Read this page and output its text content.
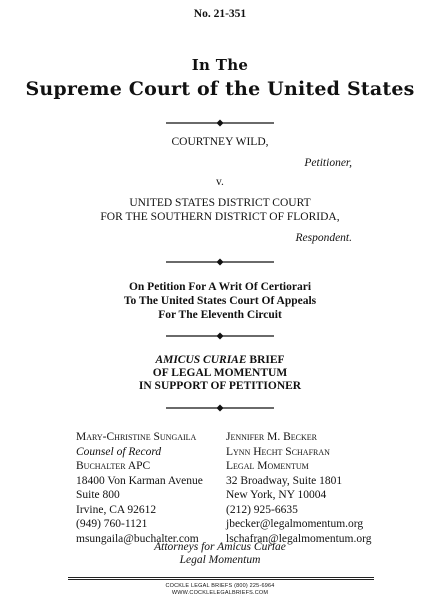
No. 21-351
In The
Supreme Court of the United States
COURTNEY WILD,
Petitioner,
v.
UNITED STATES DISTRICT COURT
FOR THE SOUTHERN DISTRICT OF FLORIDA,
Respondent.
On Petition For A Writ Of Certiorari
To The United States Court Of Appeals
For The Eleventh Circuit
AMICUS CURIAE BRIEF
OF LEGAL MOMENTUM
IN SUPPORT OF PETITIONER
Mary-Christine Sungaila
Counsel of Record
Buchalter APC
18400 Von Karman Avenue
Suite 800
Irvine, CA 92612
(949) 760-1121
msungaila@buchalter.com
Jennifer M. Becker
Lynn Hecht Schafran
Legal Momentum
32 Broadway, Suite 1801
New York, NY 10004
(212) 925-6635
jbecker@legalmomentum.org
lschafran@legalmomentum.org
Attorneys for Amicus Curiae
Legal Momentum
COCKLE LEGAL BRIEFS (800) 225-6964
WWW.COCKLELEGALBRIEFS.COM
